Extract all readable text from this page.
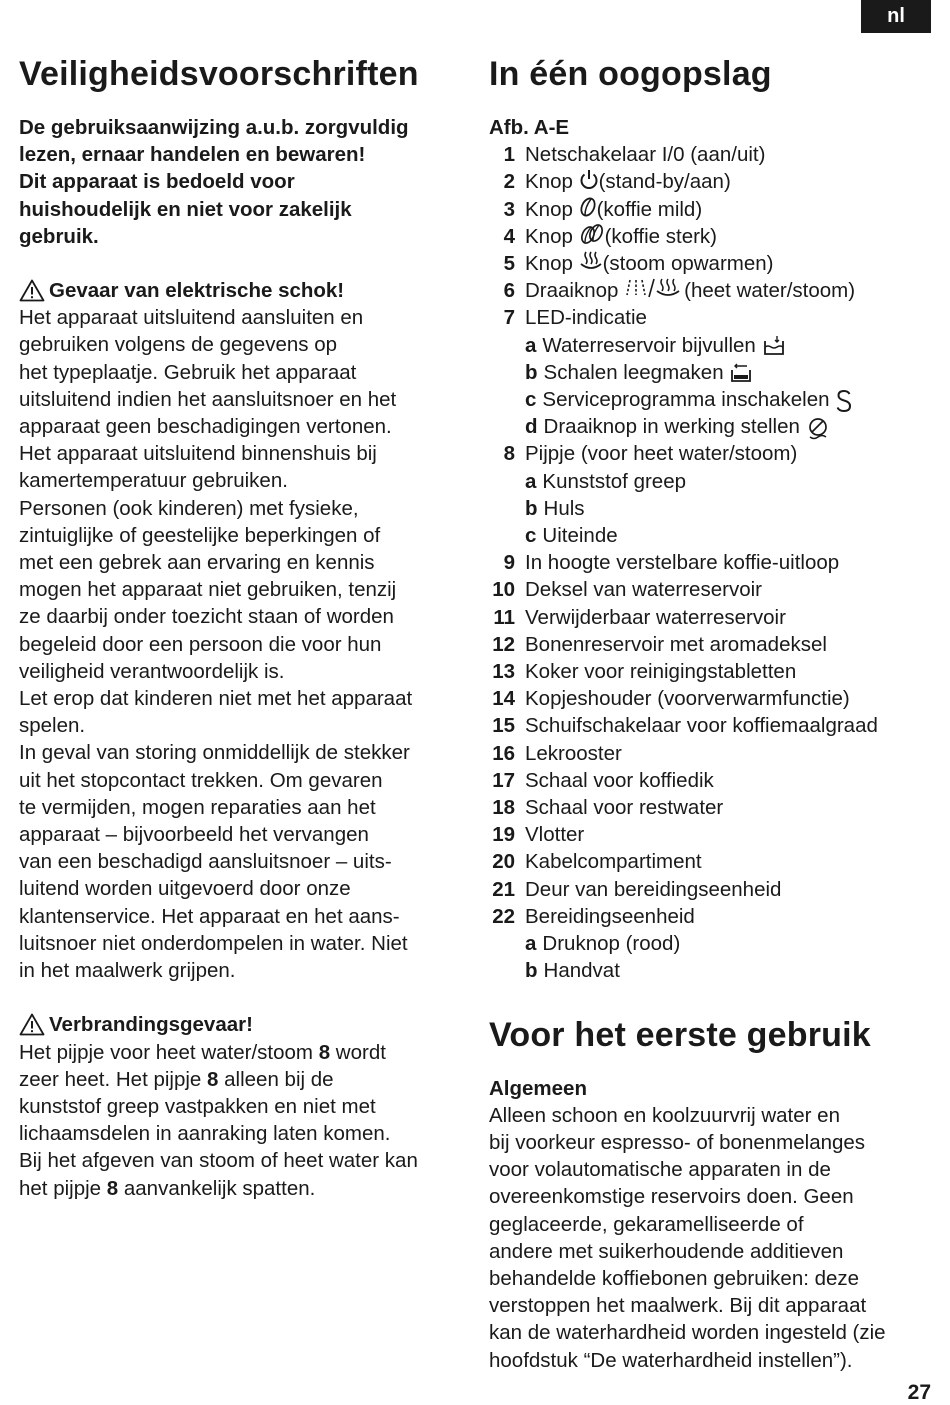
nl
Veiligheidsvoorschriften

De gebruiksaanwijzing a.u.b. zorgvuldig

lezen, ernaar handelen en bewaren!

Dit apparaat is bedoeld voor

huishoudelijk en niet voor zakelijk

gebruik.

Gevaar van elektrische schok!

Het apparaat uitsluitend aansluiten en

gebruiken volgens de gegevens op

het typeplaatje. Gebruik het apparaat

uitsluitend indien het aansluitsnoer en het

apparaat geen beschadigingen vertonen.

Het apparaat uitsluitend binnenshuis bij

kamertemperatuur gebruiken.

Personen (ook kinderen) met fysieke,

zintuiglijke of geestelijke beperkingen of

met een gebrek aan ervaring en kennis

mogen het apparaat niet gebruiken, tenzij

ze daarbij onder toezicht staan of worden

begeleid door een persoon die voor hun

veiligheid verantwoordelijk is.

Let erop dat kinderen niet met het apparaat

spelen.

In geval van storing onmiddellijk de stekker

uit het stopcontact trekken. Om gevaren

te vermijden, mogen reparaties aan het

apparaat – bijvoorbeeld het vervangen

van een beschadigd aansluitsnoer – uits-

luitend worden uitgevoerd door onze

klantenservice. Het apparaat en het aans-

luitsnoer niet onderdompelen in water. Niet

in het maalwerk grijpen.

Verbrandingsgevaar!

Het pijpje voor heet water/stoom 8 wordt

zeer heet. Het pijpje 8 alleen bij de

kunststof greep vastpakken en niet met

lichaamsdelen in aanraking laten komen.

Bij het afgeven van stoom of heet water kan

het pijpje 8 aanvankelijk spatten.

In één oogopslag
Afb. A-E
1 Netschakelaar I/0 (aan/uit)
2 Knop
(stand-by/aan)
3 Knop
(koffie mild)
4 Knop
(koffie sterk)
5 Knop
(stoom opwarmen)
6 Draaiknop
	(heet water/stoom)
7 LED-indicatie
a Waterreservoir bijvullen
b Schalen leegmaken
c Serviceprogramma inschakelen
d Draaiknop in werking stellen
8 Pijpje (voor heet water/stoom)
a Kunststof greep
b Huls
c Uiteinde
9 In hoogte verstelbare koffie-uitloop
10 Deksel van waterreservoir
11 Verwijderbaar waterreservoir
12 Bonenreservoir met aromadeksel
13 Koker voor reinigingstabletten
14 Kopjeshouder (voorverwarmfunctie)
15 Schuifschakelaar voor koffiemaalgraad
16 Lekrooster
17 Schaal voor koffiedik
18 Schaal voor restwater
19 Vlotter
20 Kabelcompartiment
21 Deur van bereidingseenheid
22 Bereidingseenheid
a Druknop (rood)
b Handvat
Voor het eerste gebruik
Algemeen

Alleen schoon en koolzuurvrij water en

bij voorkeur espresso- of bonenmelanges

voor volautomatische apparaten in de

overeenkomstige reservoirs doen. Geen

geglaceerde, gekaramelliseerde of

andere met suikerhoudende additieven

behandelde koffiebonen gebruiken: deze

verstoppen het maalwerk. Bij dit apparaat

kan de waterhardheid worden ingesteld (zie

hoofdstuk “De waterhardheid instellen”).

27
